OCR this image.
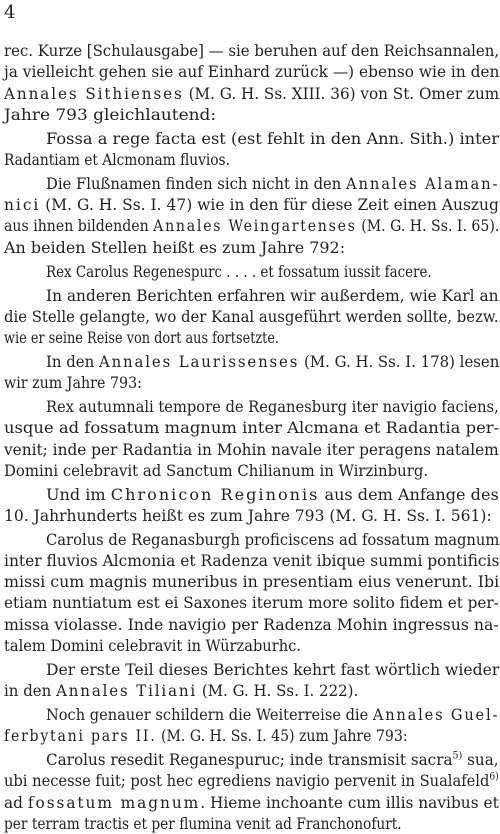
4
rec. Kurze [Schulausgabe] — sie beruhen auf den Reichsannalen,
ja vielleicht gehen sie auf Einhard zurück —) ebenso wie in den
Annales Sithienses (M. G. H. Ss. XIII. 36) von St. Omer zum
Jahre 793 gleichlautend:
Fossa a rege facta est (est fehlt in den Ann. Sith.) inter
Radantiam et Alcmonam fluvios.
Die Flußnamen finden sich nicht in den Annales Alaman-
nici (M. G. H. Ss. I. 47) wie in den für diese Zeit einen Auszug
aus ihnen bildenden Annales Weingartenses (M. G. H. Ss. I. 65).
An beiden Stellen heißt es zum Jahre 792:
Rex Carolus Regenespurc . . . . et fossatum iussit facere.
In anderen Berichten erfahren wir außerdem, wie Karl an
die Stelle gelangte, wo der Kanal ausgeführt werden sollte, bezw.
wie er seine Reise von dort aus fortsetzte.
In den Annales Laurissenses (M. G. H. Ss. I. 178) lesen
wir zum Jahre 793:
Rex autumnali tempore de Reganesburg iter navigio faciens,
usque ad fossatum magnum inter Alcmana et Radantia per-
venit; inde per Radantia in Mohin navale iter peragens natalem
Domini celebravit ad Sanctum Chilianum in Wirzinburg.
Und im Chronicon Reginonis aus dem Anfange des
10. Jahrhunderts heißt es zum Jahre 793 (M. G. H. Ss. I. 561):
Carolus de Reganasburgh proficiscens ad fossatum magnum
inter fluvios Alcmonia et Radenza venit ibique summi pontificis
missi cum magnis muneribus in presentiam eius venerunt. Ibi
etiam nuntiatum est ei Saxones iterum more solito fidem et per-
missa violasse. Inde navigio per Radenza Mohin ingressus na-
talem Domini celebravit in Würzaburhc.
Der erste Teil dieses Berichtes kehrt fast wörtlich wieder
in den Annales Tiliani (M. G. H. Ss. I. 222).
Noch genauer schildern die Weiterreise die Annales Guel-
ferbytani pars II. (M. G. H. Ss. I. 45) zum Jahre 793:
Carolus resedit Reganespuruc; inde transmisit sacra$^{5)}$ sua,
ubi necesse fuit; post hec egrediens navigio pervenit in Sualafeld$^{6)}$
ad fossatum magnum. Hieme inchoante cum illis navibus et
per terram tractis et per flumina venit ad Franchonofurt.
